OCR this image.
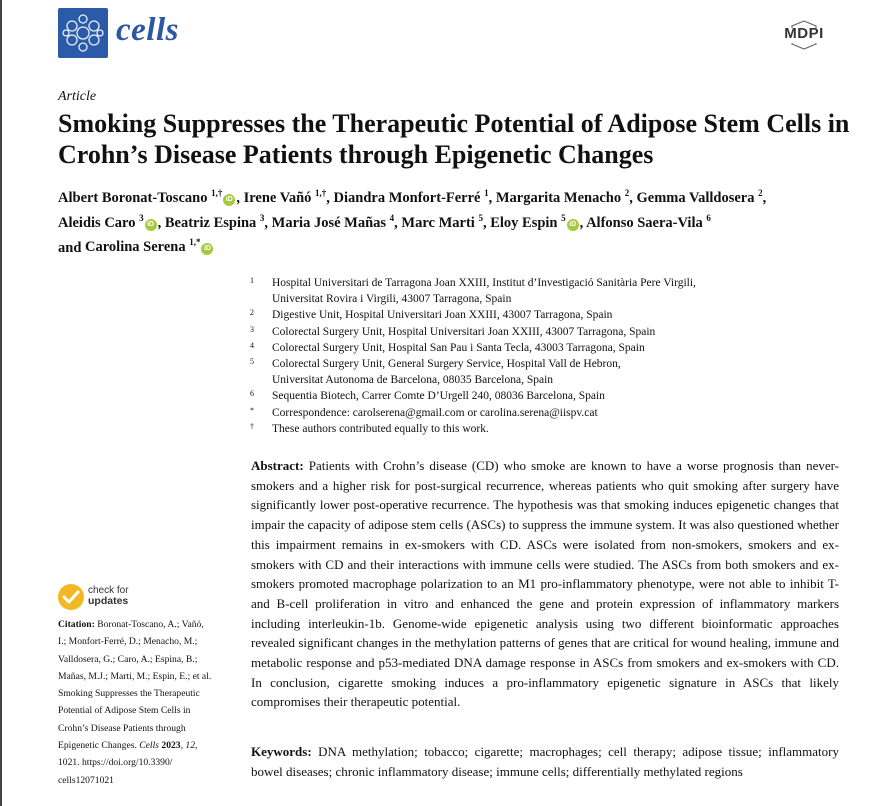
cells	MDPI
Article
Smoking Suppresses the Therapeutic Potential of Adipose Stem Cells in Crohn’s Disease Patients through Epigenetic Changes
Albert Boronat-Toscano $^{1,\dagger}$iD , Irene Vañó $^{1,\dagger}$, Diandra Monfort-Ferré $^1$, Margarita Menacho $^2$, Gemma Valldosera $^2$,
Aleidis Caro $^3$iD , Beatriz Espina $^3$, Maria José Mañas $^4$, Marc Marti $^5$, Eloy Espin $^5$iD , Alfonso Saera-Vila $^6$
and Carolina Serena $^{1,*}$iD
1 Hospital Universitari de Tarragona Joan XXIII, Institut d’Investigació Sanitària Pere Virgili,
Universitat Rovira i Virgili, 43007 Tarragona, Spain
2 Digestive Unit, Hospital Universitari Joan XXIII, 43007 Tarragona, Spain
3 Colorectal Surgery Unit, Hospital Universitari Joan XXIII, 43007 Tarragona, Spain
4 Colorectal Surgery Unit, Hospital San Pau i Santa Tecla, 43003 Tarragona, Spain
5 Colorectal Surgery Unit, General Surgery Service, Hospital Vall de Hebron,
Universitat Autonoma de Barcelona, 08035 Barcelona, Spain
6 Sequentia Biotech, Carrer Comte D’Urgell 240, 08036 Barcelona, Spain
* Correspondence: carolserena@gmail.com or carolina.serena@iispv.cat
† These authors contributed equally to this work.
Abstract: Patients with Crohn’s disease (CD) who smoke are known to have a worse prognosis than never-smokers and a higher risk for post-surgical recurrence, whereas patients who quit smoking after surgery have significantly lower post-operative recurrence. The hypothesis was that smoking induces epigenetic changes that impair the capacity of adipose stem cells (ASCs) to suppress the immune system. It was also questioned whether this impairment remains in ex-smokers with CD. ASCs were isolated from non-smokers, smokers and ex-smokers with CD and their interactions with immune cells were studied. The ASCs from both smokers and ex-smokers promoted macrophage polarization to an M1 pro-inflammatory phenotype, were not able to inhibit T- and B-cell proliferation in vitro and enhanced the gene and protein expression of inflammatory markers including interleukin-1b. Genome-wide epigenetic analysis using two different bioinformatic approaches revealed significant changes in the methylation patterns of genes that are critical for wound healing, immune and metabolic response and p53-mediated DNA damage response in ASCs from smokers and ex-smokers with CD. In conclusion, cigarette smoking induces a pro-inflammatory epigenetic signature in ASCs that likely compromises their therapeutic potential.
Keywords: DNA methylation; tobacco; cigarette; macrophages; cell therapy; adipose tissue; inflammatory bowel diseases; chronic inflammatory disease; immune cells; differentially methylated regions
check for
updates
Citation: Boronat-Toscano, A.; Vañó,
I.; Monfort-Ferré, D.; Menacho, M.;
Valldosera, G.; Caro, A.; Espina, B.;
Mañas, M.J.; Marti, M.; Espin, E.; et al.
Smoking Suppresses the Therapeutic
Potential of Adipose Stem Cells in
Crohn’s Disease Patients through
Epigenetic Changes. Cells 2023, 12,
1021. https://doi.org/10.3390/
cells12071021
